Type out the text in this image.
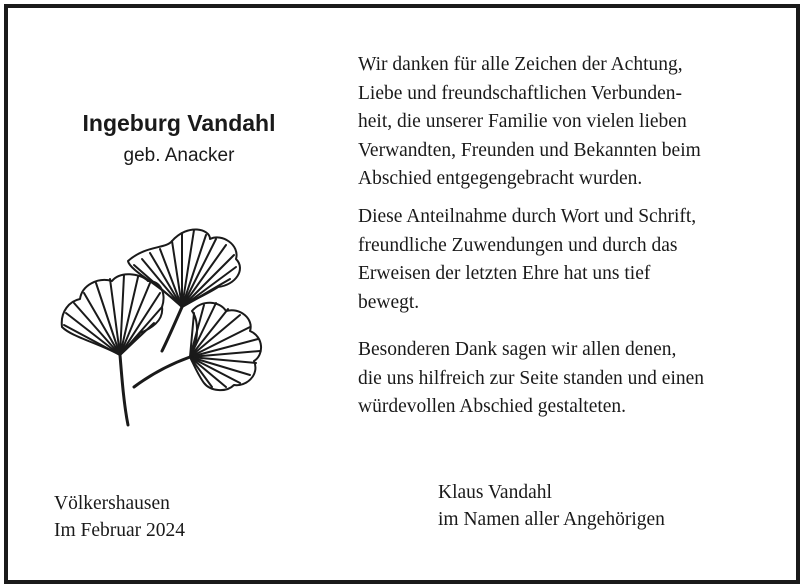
Ingeburg Vandahl
geb. Anacker
Wir danken für alle Zeichen der Achtung,
Liebe und freundschaftlichen Verbunden-
heit, die unserer Familie von vielen lieben
Verwandten, Freunden und Bekannten beim
Abschied entgegengebracht wurden.
Diese Anteilnahme durch Wort und Schrift,
freundliche Zuwendungen und durch das
Erweisen der letzten Ehre hat uns tief
bewegt.
Besonderen Dank sagen wir allen denen,
die uns hilfreich zur Seite standen und einen
würdevollen Abschied gestalteten.
Völkershausen
Im Februar 2024
Klaus Vandahl
im Namen aller Angehörigen
